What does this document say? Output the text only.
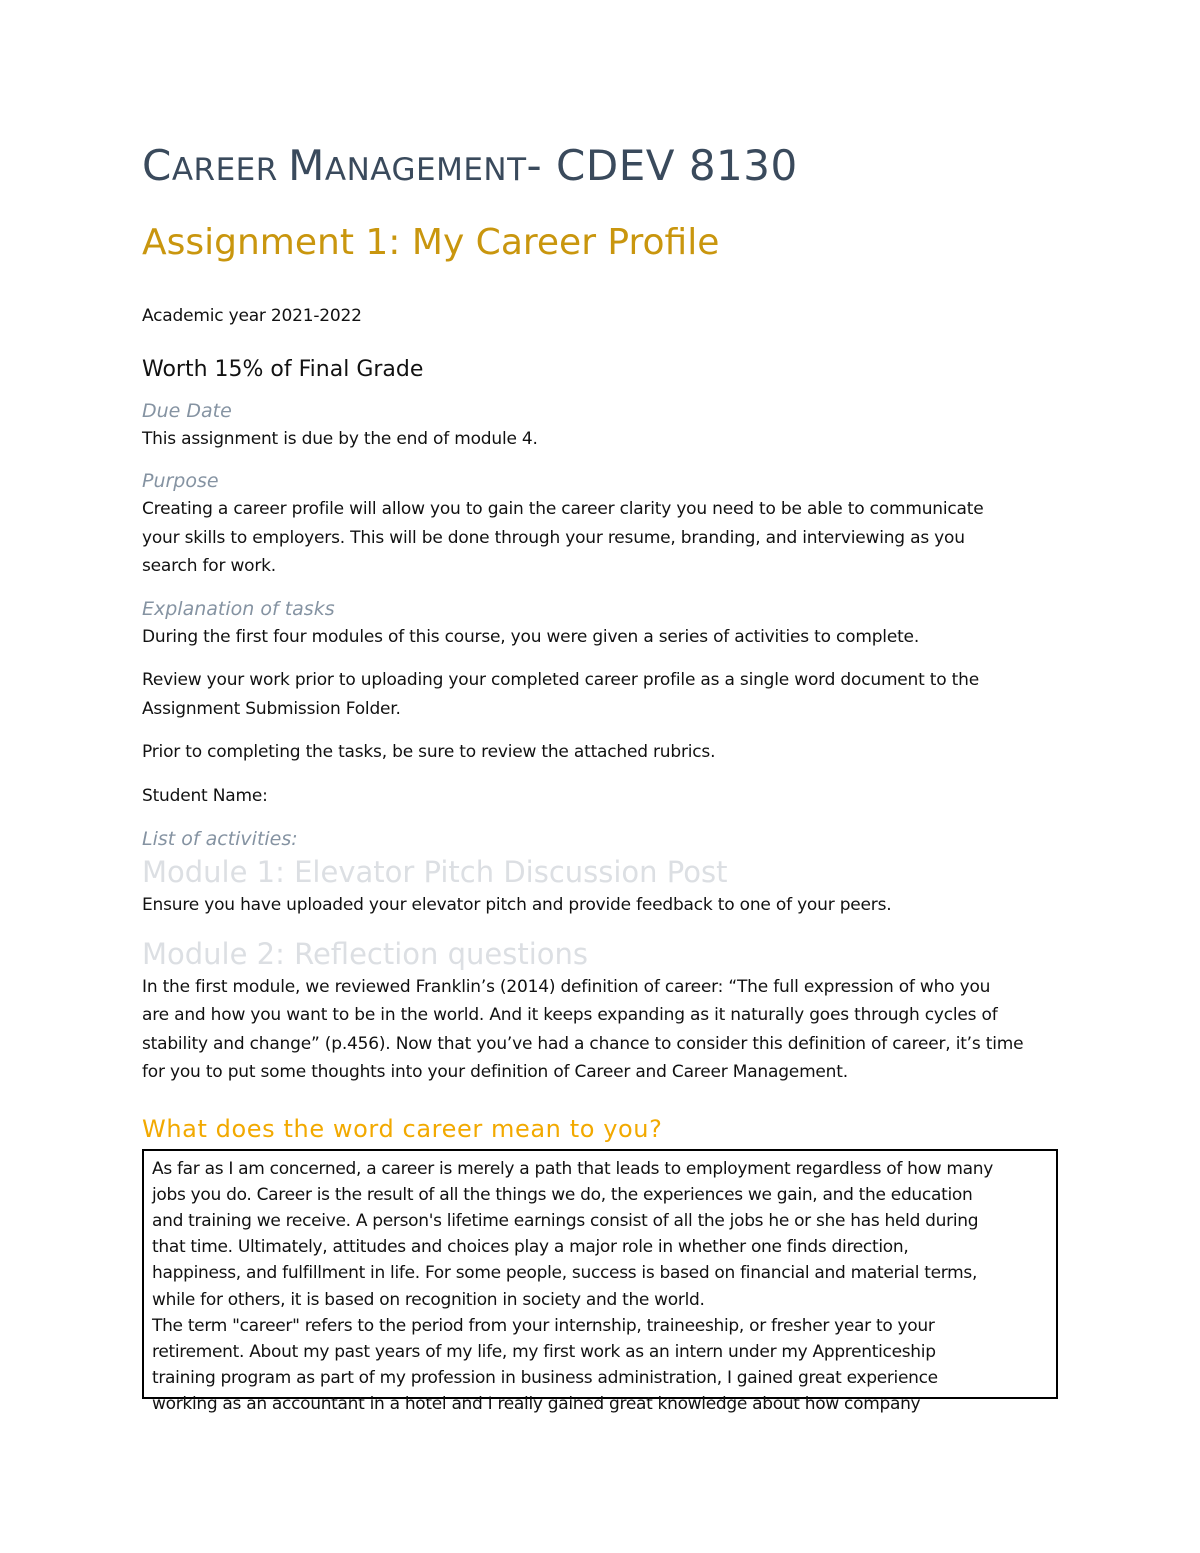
CAREER MANAGEMENT- CDEV 8130
Assignment 1: My Career Profile

Academic year 2021-2022

Worth 15% of Final Grade
Due Date

This assignment is due by the end of module 4.

Purpose

Creating a career profile will allow you to gain the career clarity you need to be able to communicate

your skills to employers. This will be done through your resume, branding, and interviewing as you

search for work.

Explanation of tasks

During the first four modules of this course, you were given a series of activities to complete.

Review your work prior to uploading your completed career profile as a single word document to the

Assignment Submission Folder.

Prior to completing the tasks, be sure to review the attached rubrics.

Student Name:

List of activities:
Module 1: Elevator Pitch Discussion Post

Ensure you have uploaded your elevator pitch and provide feedback to one of your peers.

Module 2: Reflection questions

In the first module, we reviewed Franklin’s (2014) definition of career: “The full expression of who you

are and how you want to be in the world. And it keeps expanding as it naturally goes through cycles of

stability and change” (p.456). Now that you’ve had a chance to consider this definition of career, it’s time

for you to put some thoughts into your definition of Career and Career Management.

What does the word career mean to you?

As far as I am concerned, a career is merely a path that leads to employment regardless of how many

jobs you do. Career is the result of all the things we do, the experiences we gain, and the education

and training we receive. A person's lifetime earnings consist of all the jobs he or she has held during

that time. Ultimately, attitudes and choices play a major role in whether one finds direction,

happiness, and fulfillment in life. For some people, success is based on financial and material terms,

while for others, it is based on recognition in society and the world.

The term "career" refers to the period from your internship, traineeship, or fresher year to your

retirement. About my past years of my life, my first work as an intern under my Apprenticeship

training program as part of my profession in business administration, I gained great experience

working as an accountant in a hotel and I really gained great knowledge about how company
